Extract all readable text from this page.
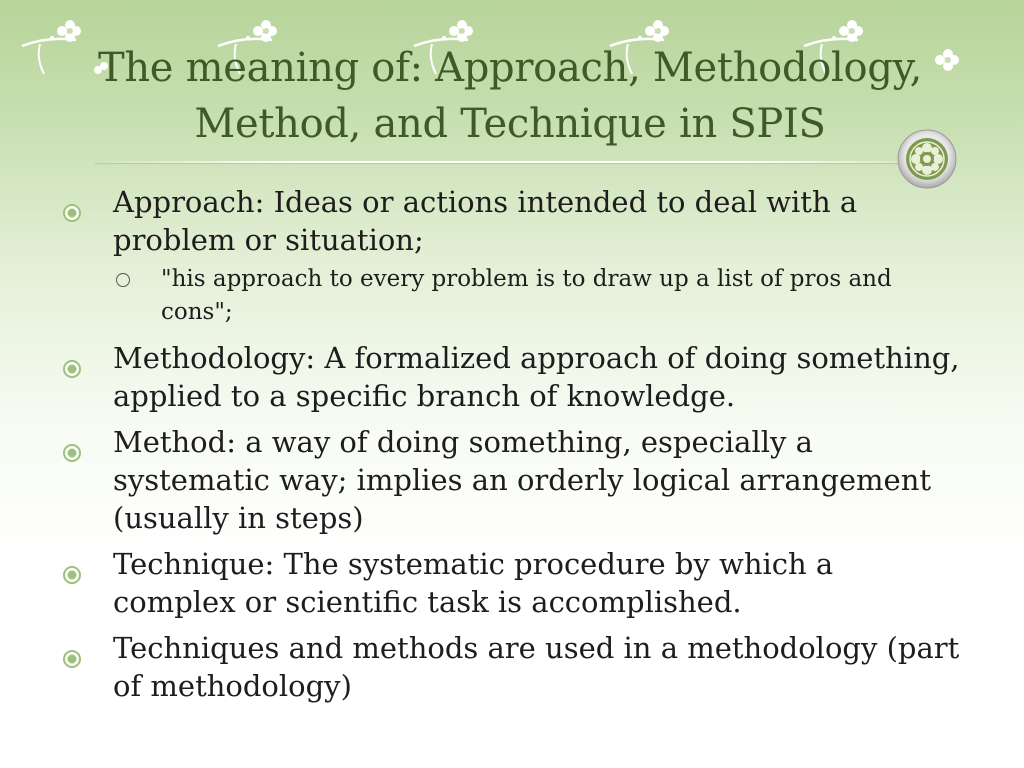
The meaning of: Approach, Methodology, Method, and Technique in SPIS
Approach: Ideas or actions intended to deal with a problem or situation;
"his approach to every problem is to draw up a list of pros and cons";
Methodology: A formalized approach of doing something, applied to a specific branch of knowledge.
Method: a way of doing something, especially a systematic way; implies an orderly logical arrangement (usually in steps)
Technique: The systematic procedure by which a complex or scientific task is accomplished.
Techniques and methods are used in a methodology (part of methodology)
